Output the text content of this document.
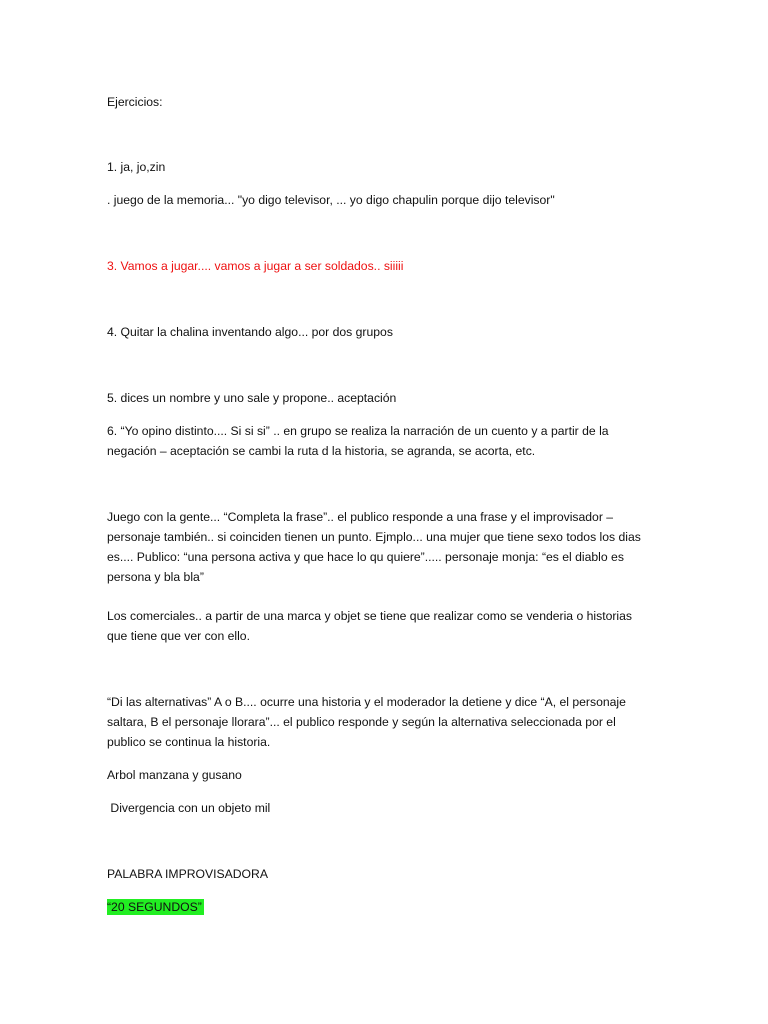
Ejercicios:

1. ja, jo,zin

. juego de la memoria... "yo digo televisor, ... yo digo chapulin porque dijo televisor"

3. Vamos a jugar.... vamos a jugar a ser soldados.. siiiii

4. Quitar la chalina inventando algo... por dos grupos

5. dices un nombre y uno sale y propone.. aceptación

6. “Yo opino distinto.... Si si si” .. en grupo se realiza la narración de un cuento y a partir de la negación – aceptación se cambi la ruta d la historia, se agranda, se acorta, etc.

Juego con la gente... “Completa la frase”.. el publico responde a una frase y el improvisador – personaje también.. si coinciden tienen un punto. Ejmplo... una mujer que tiene sexo todos los dias es.... Publico: “una persona activa y que hace lo qu quiere”..... personaje monja: “es el diablo es persona y bla bla”

Los comerciales.. a partir de una marca y objet se tiene que realizar como se venderia o historias que tiene que ver con ello.

“Di las alternativas” A o B.... ocurre una historia y el moderador la detiene y dice “A, el personaje saltara, B el personaje llorara”... el publico responde y según la alternativa seleccionada por el publico se continua la historia.

Arbol manzana y gusano

Divergencia con un objeto mil

PALABRA IMPROVISADORA

“20 SEGUNDOS”
